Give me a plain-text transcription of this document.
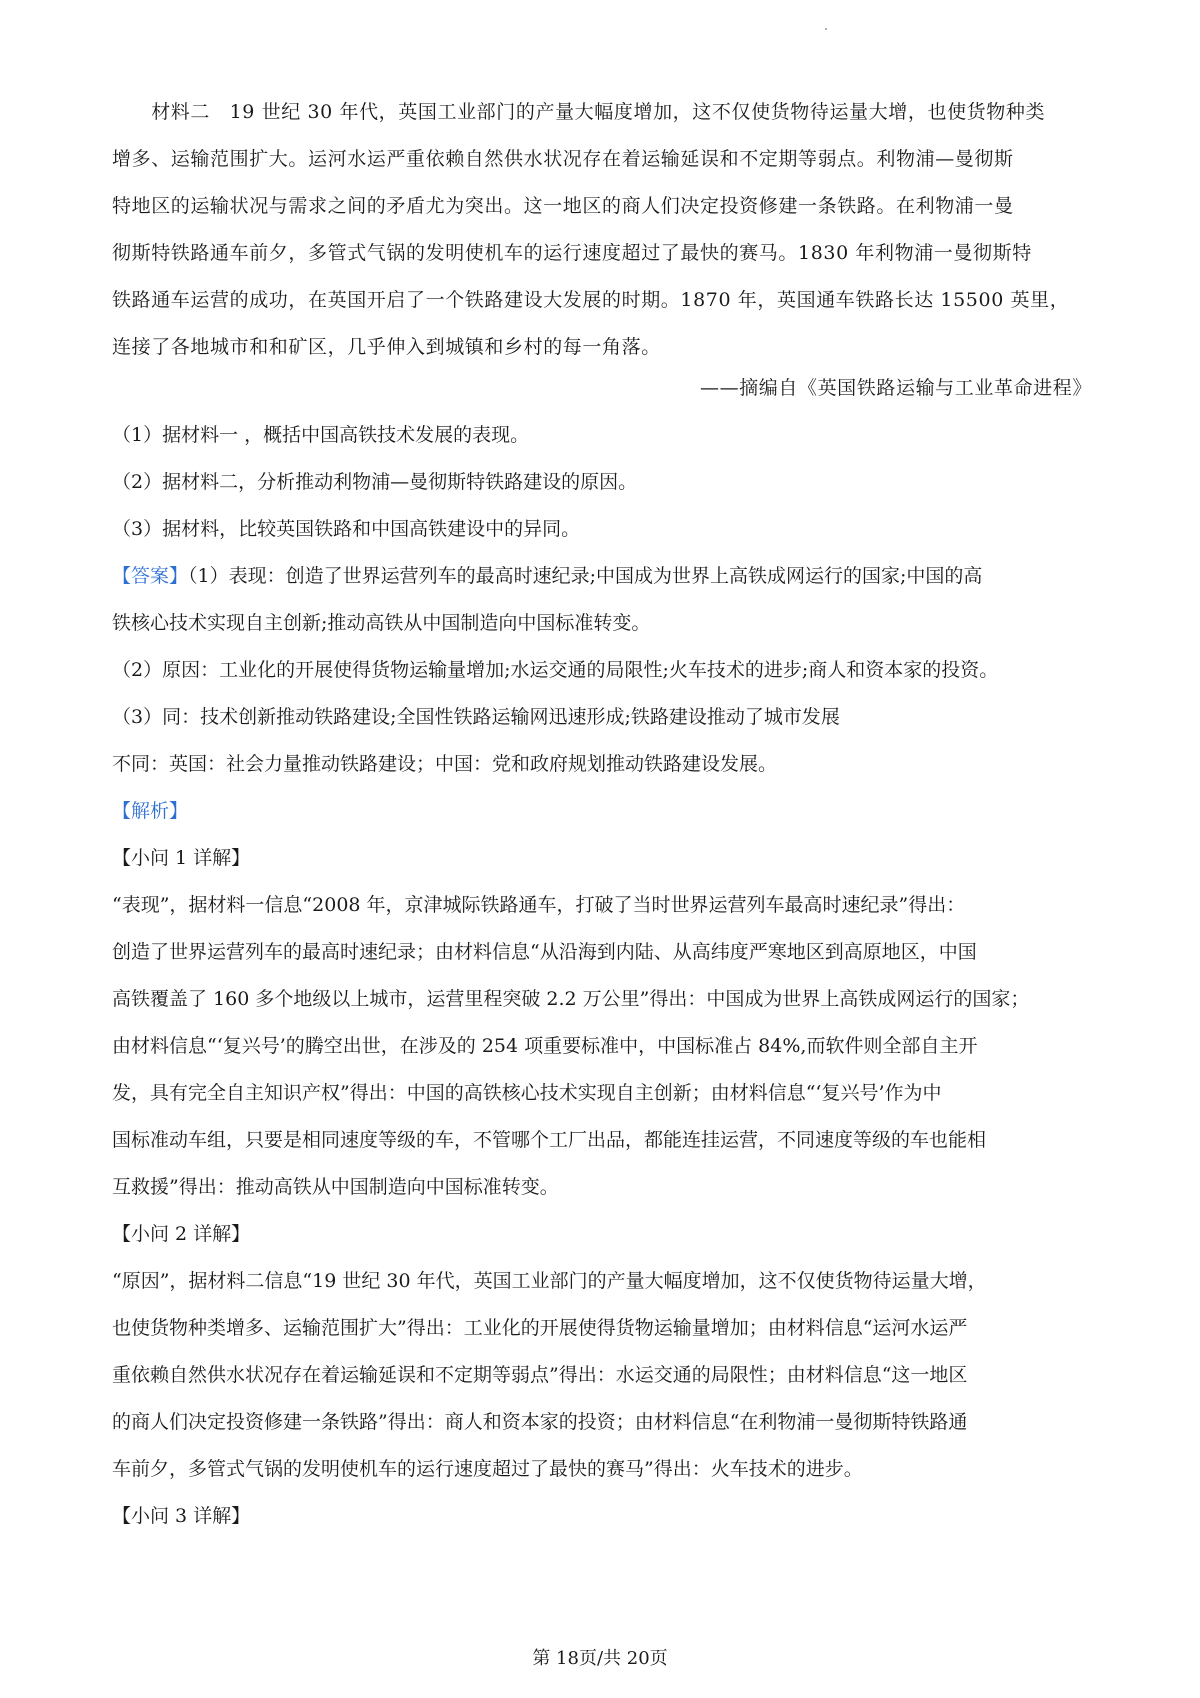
　　材料二　19 世纪 30 年代，英国工业部门的产量大幅度增加，这不仅使货物待运量大增，也使货物种类

增多、运输范围扩大。运河水运严重依赖自然供水状况存在着运输延误和不定期等弱点。利物浦—曼彻斯

特地区的运输状况与需求之间的矛盾尤为突出。这一地区的商人们决定投资修建一条铁路。在利物浦一曼

彻斯特铁路通车前夕，多管式气锅的发明使机车的运行速度超过了最快的赛马。1830 年利物浦一曼彻斯特

铁路通车运营的成功，在英国开启了一个铁路建设大发展的时期。1870 年，英国通车铁路长达 15500 英里，

连接了各地城市和和矿区，几乎伸入到城镇和乡村的每一角落。

——摘编自《英国铁路运输与工业革命进程》

（1）据材料一 ，概括中国高铁技术发展的表现。

（2）据材料二，分析推动利物浦—曼彻斯特铁路建设的原因。

（3）据材料，比较英国铁路和中国高铁建设中的异同。

【答案】（1）表现：创造了世界运营列车的最高时速纪录;中国成为世界上高铁成网运行的国家;中国的高

铁核心技术实现自主创新;推动高铁从中国制造向中国标准转变。

（2）原因：工业化的开展使得货物运输量增加;水运交通的局限性;火车技术的进步;商人和资本家的投资。

（3）同：技术创新推动铁路建设;全国性铁路运输网迅速形成;铁路建设推动了城市发展

不同：英国：社会力量推动铁路建设；中国：党和政府规划推动铁路建设发展。

【解析】

【小问 1 详解】

“表现”，据材料一信息“2008 年，京津城际铁路通车，打破了当时世界运营列车最高时速纪录”得出：

创造了世界运营列车的最高时速纪录；由材料信息“从沿海到内陆、从高纬度严寒地区到高原地区，中国

高铁覆盖了 160 多个地级以上城市，运营里程突破 2.2 万公里”得出：中国成为世界上高铁成网运行的国家；

由材料信息“‘复兴号’的腾空出世，在涉及的 254 项重要标准中，中国标准占 84%,而软件则全部自主开

发，具有完全自主知识产权”得出：中国的高铁核心技术实现自主创新；由材料信息“‘复兴号’作为中

国标准动车组，只要是相同速度等级的车，不管哪个工厂出品，都能连挂运营，不同速度等级的车也能相

互救援”得出：推动高铁从中国制造向中国标准转变。

【小问 2 详解】

“原因”，据材料二信息“19 世纪 30 年代，英国工业部门的产量大幅度增加，这不仅使货物待运量大增，

也使货物种类增多、运输范围扩大”得出：工业化的开展使得货物运输量增加；由材料信息“运河水运严

重依赖自然供水状况存在着运输延误和不定期等弱点”得出：水运交通的局限性；由材料信息“这一地区

的商人们决定投资修建一条铁路”得出：商人和资本家的投资；由材料信息“在利物浦一曼彻斯特铁路通

车前夕，多管式气锅的发明使机车的运行速度超过了最快的赛马”得出：火车技术的进步。

【小问 3 详解】

第 18页/共 20页
